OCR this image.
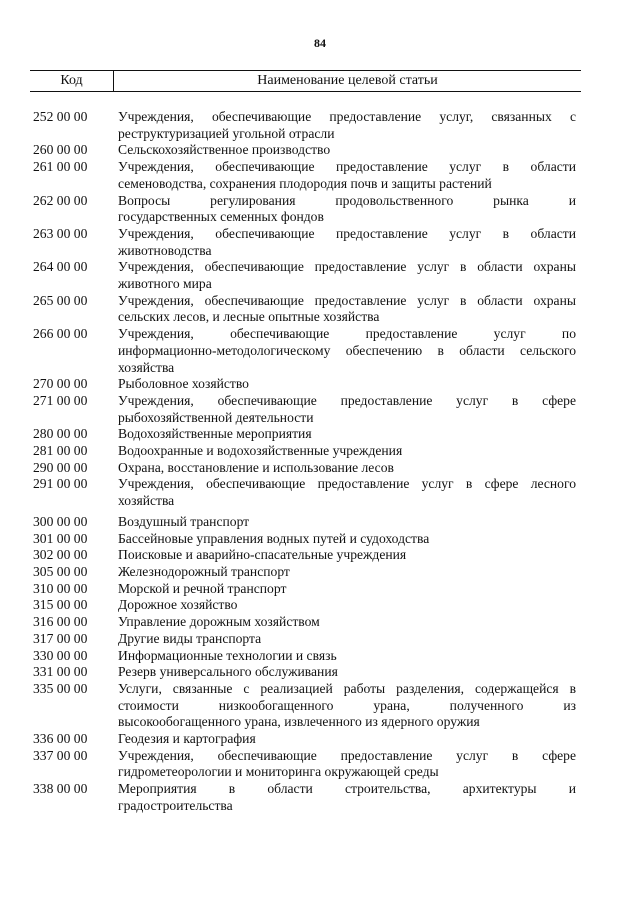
84
Код	Наименование целевой статьи
252 00 00	Учреждения, обеспечивающие предоставление услуг, связанных с
реструктуризацией угольной отрасли
260 00 00	Сельскохозяйственное производство
261 00 00	Учреждения, обеспечивающие предоставление услуг в области
семеноводства, сохранения плодородия почв и защиты растений
262 00 00	Вопросы регулирования продовольственного рынка и
государственных семенных фондов
263 00 00	Учреждения, обеспечивающие предоставление услуг в области
животноводства
264 00 00	Учреждения, обеспечивающие предоставление услуг в области охраны
животного мира
265 00 00	Учреждения, обеспечивающие предоставление услуг в области охраны
сельских лесов, и лесные опытные хозяйства
266 00 00	Учреждения, обеспечивающие предоставление услуг по
информационно-методологическому обеспечению в области сельского
хозяйства
270 00 00	Рыболовное хозяйство
271 00 00	Учреждения, обеспечивающие предоставление услуг в сфере
рыбохозяйственной деятельности
280 00 00	Водохозяйственные мероприятия
281 00 00	Водоохранные и водохозяйственные учреждения
290 00 00	Охрана, восстановление и использование лесов
291 00 00	Учреждения, обеспечивающие предоставление услуг в сфере лесного
хозяйства
300 00 00	Воздушный транспорт
301 00 00	Бассейновые управления водных путей и судоходства
302 00 00	Поисковые и аварийно-спасательные учреждения
305 00 00	Железнодорожный транспорт
310 00 00	Морской и речной транспорт
315 00 00	Дорожное хозяйство
316 00 00	Управление дорожным хозяйством
317 00 00	Другие виды транспорта
330 00 00	Информационные технологии и связь
331 00 00	Резерв универсального обслуживания
335 00 00	Услуги, связанные с реализацией работы разделения, содержащейся в
стоимости низкообогащенного урана, полученного из
высокообогащенного урана, извлеченного из ядерного оружия
336 00 00	Геодезия и картография
337 00 00	Учреждения, обеспечивающие предоставление услуг в сфере
гидрометеорологии и мониторинга окружающей среды
338 00 00	Мероприятия в области строительства, архитектуры и
градостроительства
